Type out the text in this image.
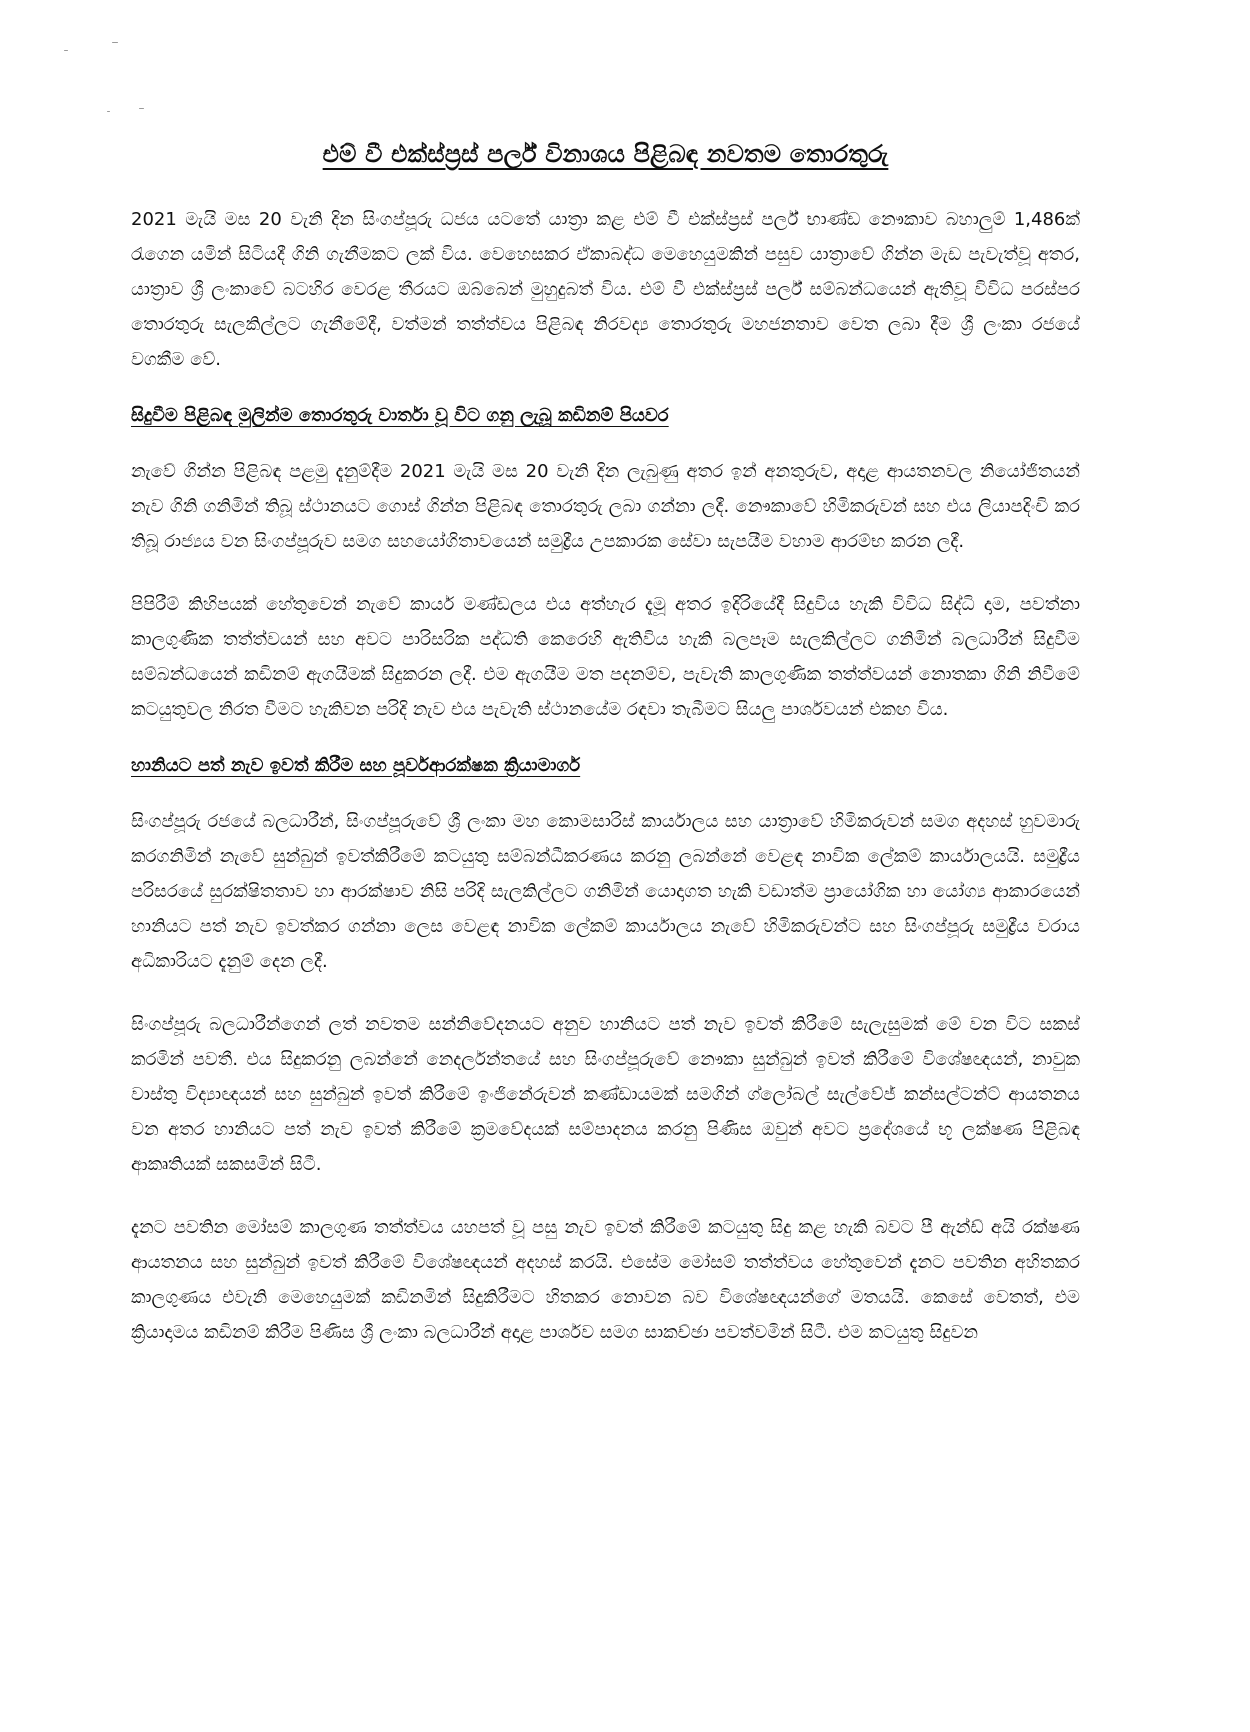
එම් වී එක්ස්ප්‍රස් පර්ල් විනාශය පිළිබඳ නවතම තොරතුරු

2021 මැයි මස 20 වැනි දින සිංගප්පූරු ධජය යටතේ යාත්‍රා කළ එම් වී එක්ස්ප්‍රස් පර්ල් භාණ්ඩ නෞකාව බහාලුම් 1,486ක් රැගෙන යමින් සිටියදී ගිනි ගැනීමකට ලක් විය. වෙහෙසකර ඒකාබද්ධ මෙහෙයුමකින් පසුව යාත්‍රාවේ ගින්න මැඩ පැවැත්වූ අතර, යාත්‍රාව ශ්‍රී ලංකාවේ බටහිර වෙරළ තීරයට ඔබ්බෙන් මුහුදුබත් විය. එම් වී එක්ස්ප්‍රස් පර්ල් සම්බන්ධයෙන් ඇතිවූ විවිධ පරස්පර තොරතුරු සැලකිල්ලට ගැනීමේදී, වත්මන් තත්ත්වය පිළිබඳ නිරවද්‍ය තොරතුරු මහජනතාව වෙත ලබා දීම ශ්‍රී ලංකා රජයේ වගකීම වේ.

සිදුවීම පිළිබඳ මුලින්ම තොරතුරු වාර්තා වූ විට ගනු ලැබූ කඩිනම් පියවර

නැවේ ගින්න පිළිබඳ පළමු දැනුම්දීම 2021 මැයි මස 20 වැනි දින ලැබුණු අතර ඉන් අනතුරුව, අදාළ ආයතනවල නියෝජිතයන් නැව ගිනි ගනිමින් තිබූ ස්ථානයට ගොස් ගින්න පිළිබඳ තොරතුරු ලබා ගන්නා ලදී. නෞකාවේ හිමිකරුවන් සහ එය ලියාපදිංචි කර තිබූ රාජ්‍යය වන සිංගප්පූරුව සමග සහයෝගිතාවයෙන් සමුද්‍රීය උපකාරක සේවා සැපයීම වහාම ආරම්භ කරන ලදී.

පිපිරීම් කිහිපයක් හේතුවෙන් නැවේ කාර්ය මණ්ඩලය එය අත්හැර දැමූ අතර ඉදිරියේදී සිදුවිය හැකි විවිධ සිද්ධි දාම, පවත්නා කාලගුණික තත්ත්වයන් සහ අවට පාරිසරික පද්ධති කෙරෙහි ඇතිවිය හැකි බලපෑම සැලකිල්ලට ගනිමින් බලධාරීන් සිදුවීම සම්බන්ධයෙන් කඩිනම් ඇගයීමක් සිදුකරන ලදී. එම ඇගයීම මත පදනම්ව, පැවැති කාලගුණික තත්ත්වයන් නොතකා ගිනි නිවීමේ කටයුතුවල නිරත වීමට හැකිවන පරිදි නැව එය පැවැති ස්ථානයේම රඳවා තැබීමට සියලු පාර්ශවයන් එකඟ විය.

හානියට පත් නැව ඉවත් කිරීම සහ පූර්වආරක්ෂක ක්‍රියාමාර්ග

සිංගප්පූරු රජයේ බලධාරීන්, සිංගප්පූරුවේ ශ්‍රී ලංකා මහ කොමසාරිස් කාර්යාලය සහ යාත්‍රාවේ හිමිකරුවන් සමග අදහස් හුවමාරු කරගනිමින් නැවේ සුන්බුන් ඉවත්කිරීමේ කටයුතු සම්බන්ධීකරණය කරනු ලබන්නේ වෙළඳ නාවික ලේකම් කාර්යාලයයි. සමුද්‍රීය පරිසරයේ සුරක්ෂිතතාව හා ආරක්ෂාව නිසි පරිදි සැලකිල්ලට ගනිමින් යොදාගත හැකි වඩාත්ම ප්‍රායෝගික හා යෝග්‍ය ආකාරයෙන් හානියට පත් නැව ඉවත්කර ගන්නා ලෙස වෙළඳ නාවික ලේකම් කාර්යාලය නැවේ හිමිකරුවන්ට සහ සිංගප්පූරු සමුද්‍රීය වරාය අධිකාරියට දැනුම් දෙන ලදී.

සිංගප්පූරු බලධාරීන්ගෙන් ලත් නවතම සන්නිවේදනයට අනුව හානියට පත් නැව ඉවත් කිරීමේ සැලැසුමක් මේ වන විට සකස් කරමින් පවතී. එය සිදුකරනු ලබන්නේ නෙදර්ලන්තයේ සහ සිංගප්පූරුවේ නෞකා සුන්බුන් ඉවත් කිරීමේ විශේෂඥයන්, නාවුක වාස්තු විද්‍යාඥයන් සහ සුන්බුන් ඉවත් කිරීමේ ඉංජිනේරුවන් කණ්ඩායමක් සමගින් ග්ලෝබල් සැල්වේජ් කන්සල්ටන්ට් ආයතනය වන අතර හානියට පත් නැව ඉවත් කිරීමේ ක්‍රමවේදයක් සම්පාදනය කරනු පිණිස ඔවුන් අවට ප්‍රදේශයේ භූ ලක්ෂණ පිළිබඳ ආකෘතියක් සකසමින් සිටී.

දැනට පවතින මෝසම් කාලගුණ තත්ත්වය යහපත් වූ පසු නැව ඉවත් කිරීමේ කටයුතු සිදු කළ හැකි බවට පී ඇන්ඩ් අයි රක්ෂණ ආයතනය සහ සුන්බුන් ඉවත් කිරීමේ විශේෂඥයන් අදහස් කරයි. එසේම මෝසම් තත්ත්වය හේතුවෙන් දැනට පවතින අහිතකර කාලගුණය එවැනි මෙහෙයුමක් කඩිනමින් සිදුකිරීමට හිතකර නොවන බව විශේෂඥයන්ගේ මතයයි. කෙසේ වෙතත්, එම ක්‍රියාදාමය කඩිනම් කිරීම පිණිස ශ්‍රී ලංකා බලධාරීන් අදාළ පාර්ශව සමග සාකච්ඡා පවත්වමින් සිටී. එම කටයුතු සිදුවන
